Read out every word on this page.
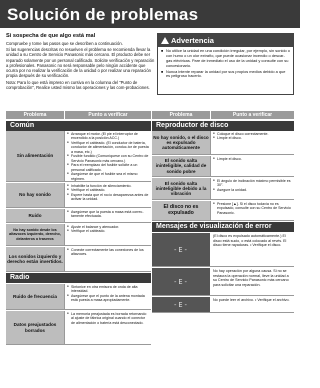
Solución de problemas
Si sospecha de que algo está mal

Compruebe y tome las pasos que se describen a continuación.

Si las sugerencias descritas no resuelven el problema se recomienda llevar la unidad a su Centro de Servicio Panasonic más cercano. El producto debe ser reparado solamente por un personal calificado. Solicite verificación y reparación a profesionales. Panasonic no será responsable pelo ningún accidente que ocurra por no realizar la verificación de la unidad o por realizar una reparación propia después de su verificación.

Nota: Para lo que está impreso en cursiva en la columna del "Punto de comprobación", Realice usted mismo las operaciones y las com-probaciones.

Advertencia
■ No utilice la unidad en una condición irregular, por ejemplo, sin sonido o con humo o un olor extraño, que puede ocasionar incendio o descar-gas eléctricas. Pare de inmediato el uso de la unidad y consulte con su concesionario.
■ Nunca intente reparar la unidad por sus propios medios debido a que es peligroso hacerlo.
Problema	Punto a verificar	Problema	Punto a verificar
Común
Sin alimentación
● Arranque el motor. (El pie el interruptor de encendido a la posición ACC.)
● Verifique el cableado. (El conductor de batería, conductor de alimentación, conduc-tor de puesta a masa, etc.)
● Fusible fundido (Comuníquese con su Centro de Servicio Panasonic más cercano.)
● Para el reemplazo del fusible solicite a un personal calificado.
● Asegúrese de que el fusible sea el mismo régimen.
No hay sonido
● Inhabilite la función de silenciamiento.
● Verifique el cableado.
● Espere hasta que el rocío desaparezca antes de activar la unidad.
Ruido
● Asegúrese que la puesta a masa está correc-tamente efectuada.
No hay sonido desde los altavoces izquierdo, derecho, delanteros o traseros
● Ajuste el balance y atenuador.
● Verifique el cableado.
Los sonidos izquierdo y derecho están invertidos.
● Conecte correctamente las conexiones de los altavoces.
Radio
Ruido de frecuencia
● Sintonice en otra emisora de onda de alta intensidad.
● Asegúrese que el punto de la antena montada está puesta a masa apropiadamente.
Datos preajustados borrados
● La memoria preajustada es borrada retornando al ajuste de fábrica original cuando el conector de alimentación o batería está desconectado.
Reproductor de disco
No hay sonido, o el disco es expulsado automáticamente
● Coloque el disco correctamente.
● Limpie el disco.
El sonido salta ininteligible, calidad de sonido pobre
● Limpie el disco.
El sonido salta ininteligible debido a la vibración
● El ángulo de inclinación máximo permisible es 30°.
● Asegure la unidad.
El disco no es expulsado
● Presione [▲]. Si el disco todavía no es expulsado, consulte con su Centro de Servicio Panasonic.
Mensajes de visualización de error
-E-
(El disco es expulsado automáticamente.) El disco está sucio, o está colocado al revés. El disco tiene rayaduras. • Verifique el disco.
-E-
No hay operación por alguna causa. Si no se restaura la operación normal, lleve la unidad a su Centro de Servicio Panasonic más cercano para solicitar una reparación.
-E-
No puede leer el archivo. • Verifique el archivo.
